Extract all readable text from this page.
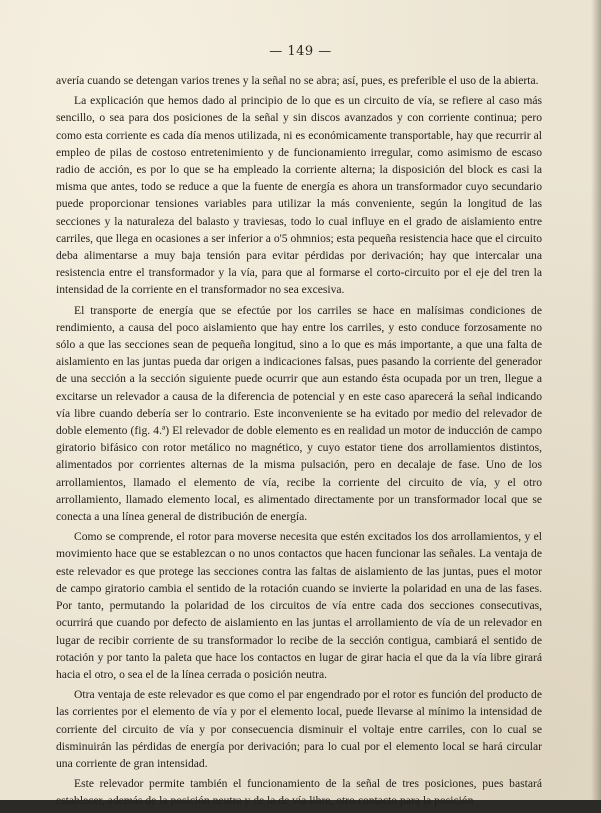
— 149 —

avería cuando se detengan varios trenes y la señal no se abra; así, pues, es preferible el uso de la abierta.

La explicación que hemos dado al principio de lo que es un circuito de vía, se refiere al caso más sencillo, o sea para dos posiciones de la señal y sin discos avanzados y con corriente continua; pero como esta corriente es cada día menos utilizada, ni es económicamente transportable, hay que recurrir al empleo de pilas de costoso entretenimiento y de funcionamiento irregular, como asimismo de escaso radio de acción, es por lo que se ha empleado la corriente alterna; la disposición del block es casi la misma que antes, todo se reduce a que la fuente de energía es ahora un transformador cuyo secundario puede proporcionar tensiones variables para utilizar la más conveniente, según la longitud de las secciones y la naturaleza del balasto y traviesas, todo lo cual influye en el grado de aislamiento entre carriles, que llega en ocasiones a ser inferior a o'5 ohmnios; esta pequeña resistencia hace que el circuito deba alimentarse a muy baja tensión para evitar pérdidas por derivación; hay que intercalar una resistencia entre el transformador y la vía, para que al formarse el corto-circuito por el eje del tren la intensidad de la corriente en el transformador no sea excesiva.

El transporte de energía que se efectúe por los carriles se hace en malísimas condiciones de rendimiento, a causa del poco aislamiento que hay entre los carriles, y esto conduce forzosamente no sólo a que las secciones sean de pequeña longitud, sino a lo que es más importante, a que una falta de aislamiento en las juntas pueda dar origen a indicaciones falsas, pues pasando la corriente del generador de una sección a la sección siguiente puede ocurrir que aun estando ésta ocupada por un tren, llegue a excitarse un relevador a causa de la diferencia de potencial y en este caso aparecerá la señal indicando vía libre cuando debería ser lo contrario. Este inconveniente se ha evitado por medio del relevador de doble elemento (fig. 4.ª) El relevador de doble elemento es en realidad un motor de inducción de campo giratorio bifásico con rotor metálico no magnético, y cuyo estator tiene dos arrollamientos distintos, alimentados por corrientes alternas de la misma pulsación, pero en decalaje de fase. Uno de los arrollamientos, llamado el elemento de vía, recibe la corriente del circuito de vía, y el otro arrollamiento, llamado elemento local, es alimentado directamente por un transformador local que se conecta a una línea general de distribución de energía.

Como se comprende, el rotor para moverse necesita que estén excitados los dos arrollamientos, y el movimiento hace que se establezcan o no unos contactos que hacen funcionar las señales. La ventaja de este relevador es que protege las secciones contra las faltas de aislamiento de las juntas, pues el motor de campo giratorio cambia el sentido de la rotación cuando se invierte la polaridad en una de las fases. Por tanto, permutando la polaridad de los circuitos de vía entre cada dos secciones consecutivas, ocurrirá que cuando por defecto de aislamiento en las juntas el arrollamiento de vía de un relevador en lugar de recibir corriente de su transformador lo recibe de la sección contigua, cambiará el sentido de rotación y por tanto la paleta que hace los contactos en lugar de girar hacia el que da la vía libre girará hacia el otro, o sea el de la línea cerrada o posición neutra.

Otra ventaja de este relevador es que como el par engendrado por el rotor es función del producto de las corrientes por el elemento de vía y por el elemento local, puede llevarse al mínimo la intensidad de corriente del circuito de vía y por consecuencia disminuir el voltaje entre carriles, con lo cual se disminuirán las pérdidas de energía por derivación; para lo cual por el elemento local se hará circular una corriente de gran intensidad.

Este relevador permite también el funcionamiento de la señal de tres posiciones, pues bastará establecer, además de la posición neutra y de la de vía libre, otro contacto para la posición
